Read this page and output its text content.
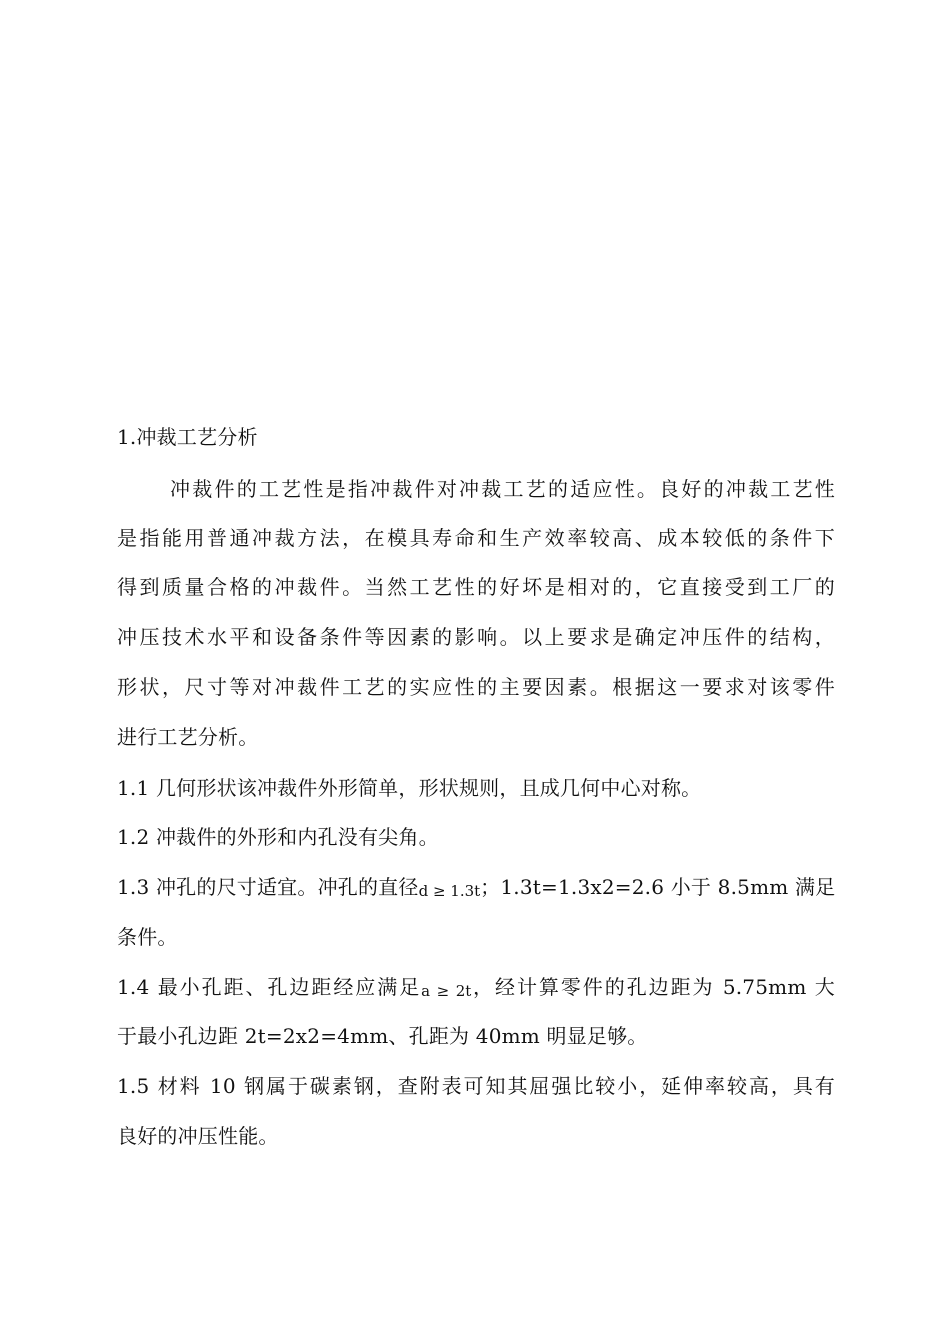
1.冲裁工艺分析
冲裁件的工艺性是指冲裁件对冲裁工艺的适应性。良好的冲裁工艺性
是指能用普通冲裁方法，在模具寿命和生产效率较高、成本较低的条件下
得到质量合格的冲裁件。当然工艺性的好坏是相对的，它直接受到工厂的
冲压技术水平和设备条件等因素的影响。以上要求是确定冲压件的结构，
形状，尺寸等对冲裁件工艺的实应性的主要因素。根据这一要求对该零件
进行工艺分析。
1.1 几何形状该冲裁件外形简单，形状规则，且成几何中心对称。
1.2 冲裁件的外形和内孔没有尖角。
1.3 冲孔的尺寸适宜。冲孔的直径d ≥ 1.3t；1.3t=1.3x2=2.6 小于 8.5mm 满足
条件。
1.4 最小孔距、孔边距经应满足a ≥ 2t，经计算零件的孔边距为 5.75mm 大
于最小孔边距 2t=2x2=4mm、孔距为 40mm 明显足够。
1.5 材料 10 钢属于碳素钢，查附表可知其屈强比较小，延伸率较高，具有
良好的冲压性能。
